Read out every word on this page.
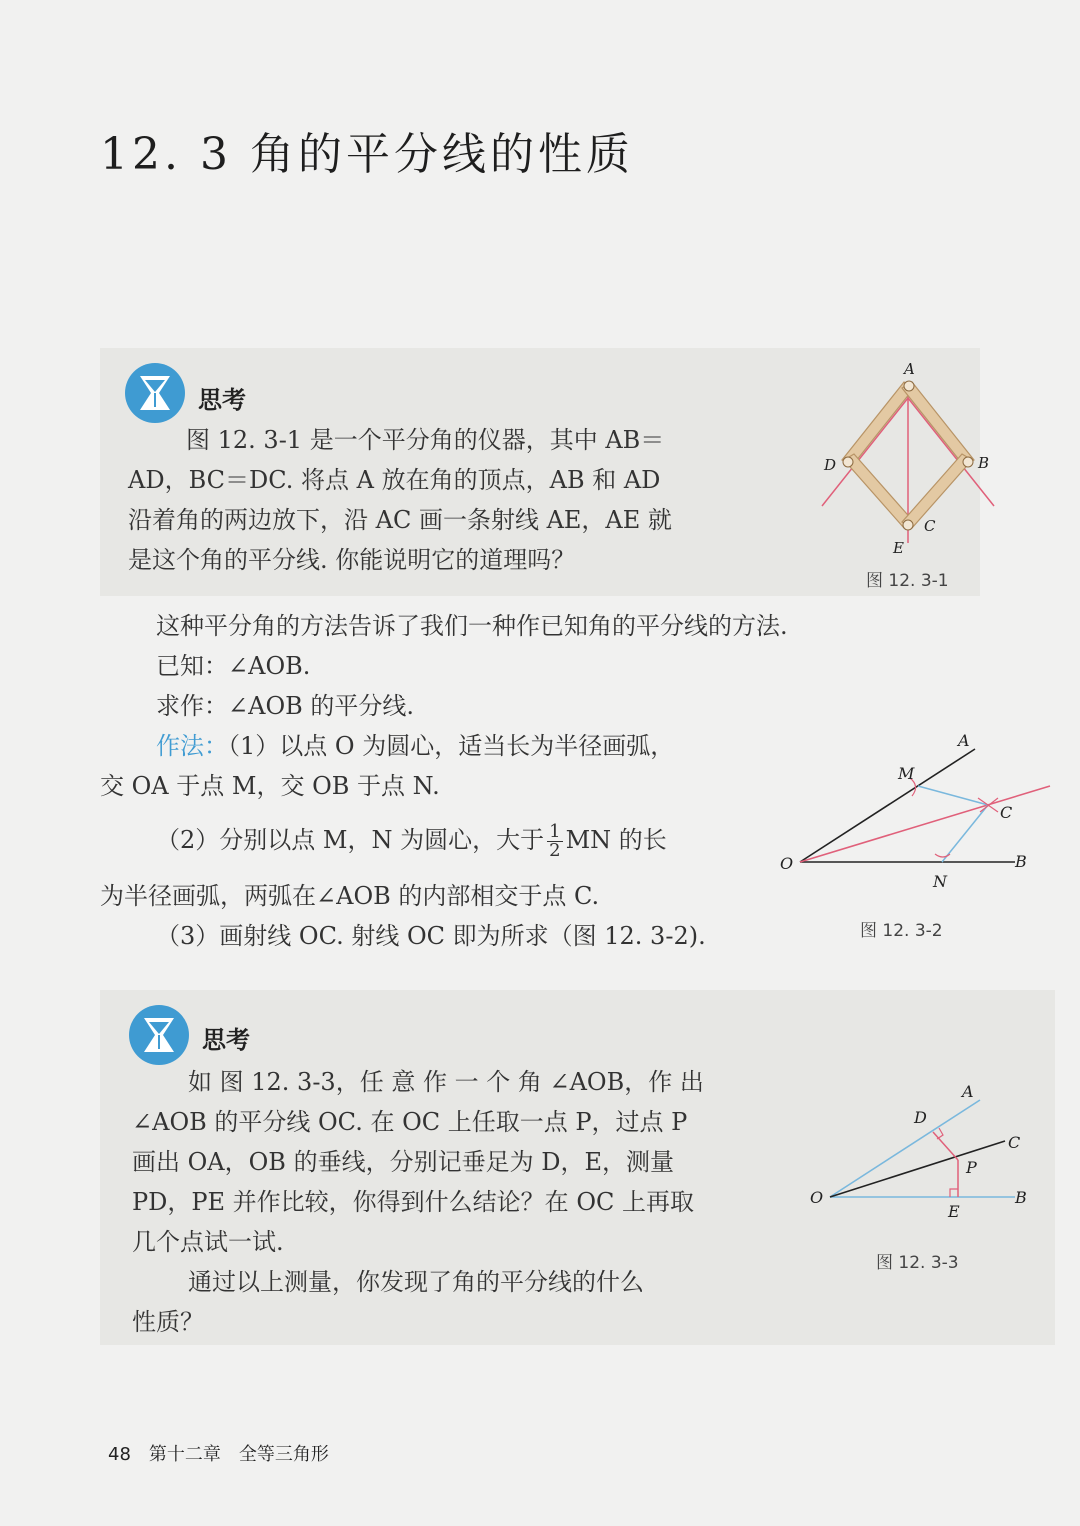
12. 3 角的平分线的性质
思考
图 12. 3-1 是一个平分角的仪器，其中 AB＝
AD，BC＝DC. 将点 A 放在角的顶点，AB 和 AD
沿着角的两边放下，沿 AC 画一条射线 AE，AE 就
是这个角的平分线. 你能说明它的道理吗？
A
B
C
D
E
图 12. 3-1
这种平分角的方法告诉了我们一种作已知角的平分线的方法.
已知：∠AOB.
求作：∠AOB 的平分线.
作法：（1）以点 O 为圆心，适当长为半径画弧，
交 OA 于点 M，交 OB 于点 N.
（2）分别以点 M，N 为圆心，大于 $\frac{1}{2}$ MN 的长
为半径画弧，两弧在∠AOB 的内部相交于点 C.
（3）画射线 OC. 射线 OC 即为所求（图 12. 3-2).
A
M
C
O
N
B
图 12. 3-2
思考
如 图 12. 3-3，任 意 作 一 个 角 ∠AOB，作 出
∠AOB 的平分线 OC. 在 OC 上任取一点 P，过点 P
画出 OA，OB 的垂线，分别记垂足为 D，E，测量
PD，PE 并作比较，你得到什么结论？在 OC 上再取
几个点试一试.
通过以上测量，你发现了角的平分线的什么
性质？
A
D
C
P
O
E
B
图 12. 3-3
48 第十二章 全等三角形
